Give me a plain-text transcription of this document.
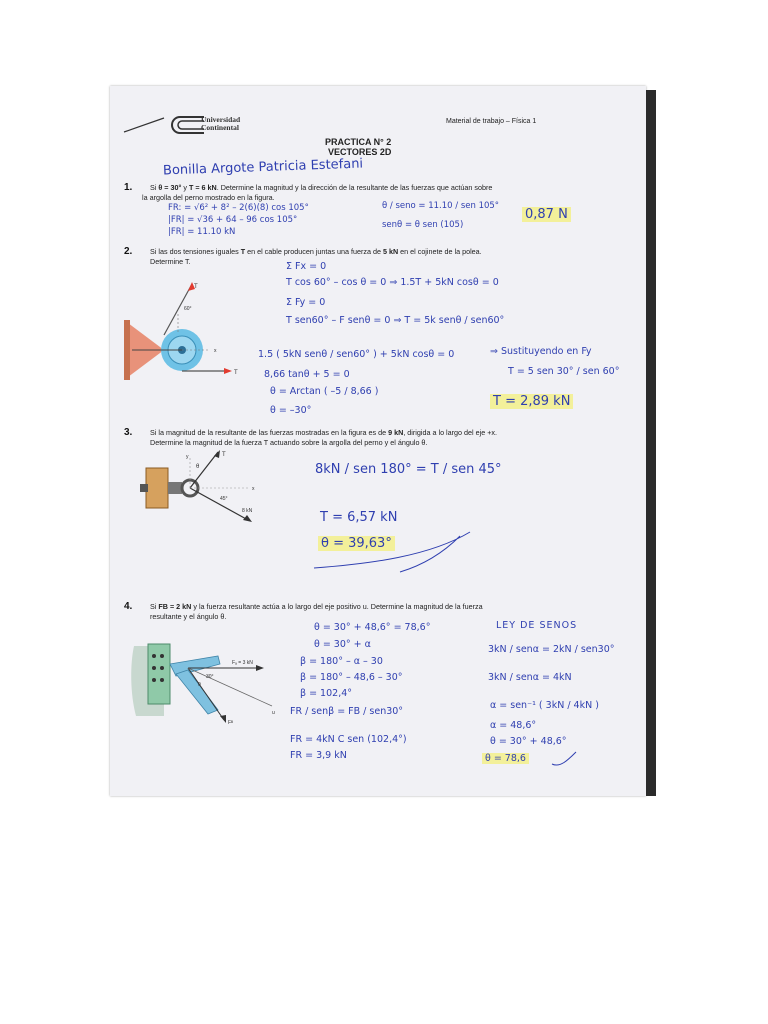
Universidad
Continental
Material de trabajo – Física 1
PRACTICA N° 2
VECTORES 2D
Bonilla Argote Patricia Estefani
1. Si θ = 30° y T = 6 kN. Determine la magnitud y la dirección de la resultante de las fuerzas que actúan sobre
la argolla del perno mostrado en la figura.
FR: = √6² + 8² – 2(6)(8) cos 105°
|FR| = √36 + 64 – 96 cos 105°
|FR| = 11.10 kN
θ / seno = 11.10 / sen 105°
senθ = θ sen (105)
0,87 N
2. Si las dos tensiones iguales T en el cable producen juntas una fuerza de 5 kN en el cojinete de la polea.
Determine T.
T
60°
T
x
Σ Fx = 0
T cos 60° – cos θ = 0 ⇒ 1.5T + 5kN cosθ = 0
Σ Fy = 0
T sen60° – F senθ = 0 ⇒ T = 5k senθ / sen60°
1.5 ( 5kN senθ / sen60° ) + 5kN cosθ = 0	⇒ Sustituyendo en Fy
8,66 tanθ + 5 = 0	T = 5 sen 30° / sen 60°
θ = Arctan ( –5 / 8,66 )
T = 2,89 kN
θ = –30°
3. Si la magnitud de la resultante de las fuerzas mostradas en la figura es de 9 kN, dirigida a lo largo del eje +x.
Determine la magnitud de la fuerza T actuando sobre la argolla del perno y el ángulo θ.
T
θ
y
45°
x
8 kN
8kN / sen 180° = T / sen 45°
T = 6,57 kN
θ = 39,63°
4. Si FB = 2 kN y la fuerza resultante actúa a lo largo del eje positivo u. Determine la magnitud de la fuerza
resultante y el ángulo θ.
Fₐ = 3 kN
u
30°
θ
Fᴮ
θ = 30° + 48,6° = 78,6°
θ = 30° + α
β = 180° – α – 30
β = 180° – 48,6 – 30°
β = 102,4°
FR / senβ = FB / sen30°
FR = 4kN C sen (102,4°)
FR = 3,9 kN
LEY DE SENOS
3kN / senα = 2kN / sen30°
3kN / senα = 4kN
α = sen⁻¹ ( 3kN / 4kN )
α = 48,6°
θ = 30° + 48,6°
θ = 78,6
